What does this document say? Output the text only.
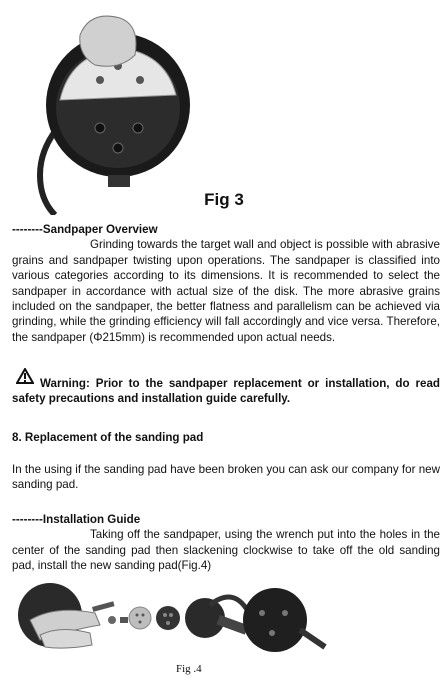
Fig 3
--------Sandpaper Overview
Grinding towards the target wall and object is possible with abrasive grains and sandpaper twisting upon operations. The sandpaper is classified into various categories according to its dimensions. It is recommended to select the sandpaper in accordance with actual size of the disk. The more abrasive grains included on the sandpaper, the better flatness and parallelism can be achieved via grinding, while the grinding efficiency will fall accordingly and vice versa. Therefore, the sandpaper (Φ215mm) is recommended upon actual needs.
Warning: Prior to the sandpaper replacement or installation, do read safety precautions and installation guide carefully.
8. Replacement of the sanding pad
In the using if the sanding pad have been broken you can ask our company for new sanding pad.
--------Installation Guide
Taking off the sandpaper, using the wrench put into the holes in the center of the sanding pad then slackening clockwise to take off the old sanding pad, install the new sanding pad(Fig.4)
Fig .4
